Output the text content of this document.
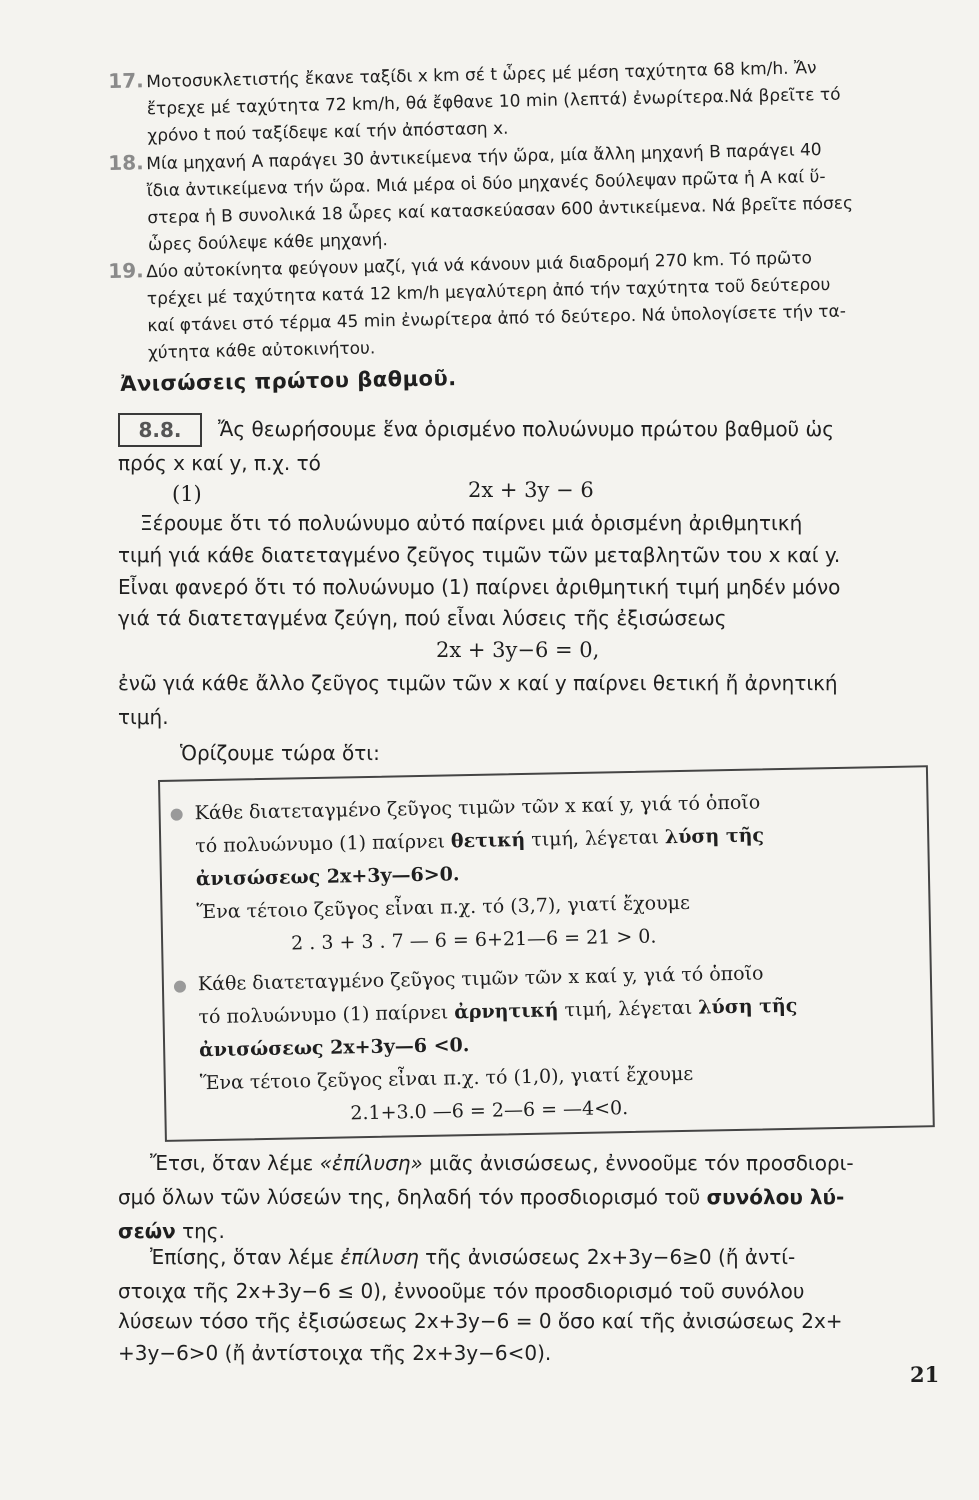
17. Μοτοσυκλετιστής ἔκανε ταξίδι x km σέ t ὧρες μέ μέση ταχύτητα 68 km/h. Ἄν
ἔτρεχε μέ ταχύτητα 72 km/h, θά ἔφθανε 10 min (λεπτά) ἐνωρίτερα.Νά βρεῖτε τό
χρόνο t πού ταξίδεψε καί τήν ἀπόσταση x.
18. Μία μηχανή Α παράγει 30 ἀντικείμενα τήν ὥρα, μία ἄλλη μηχανή Β παράγει 40
ἴδια ἀντικείμενα τήν ὥρα. Μιά μέρα οἱ δύο μηχανές δούλεψαν πρῶτα ἡ Α καί ὕ-
στερα ἡ Β συνολικά 18 ὧρες καί κατασκεύασαν 600 ἀντικείμενα. Νά βρεῖτε πόσες
ὧρες δούλεψε κάθε μηχανή.
19. Δύο αὐτοκίνητα φεύγουν μαζί, γιά νά κάνουν μιά διαδρομή 270 km. Τό πρῶτο
τρέχει μέ ταχύτητα κατά 12 km/h μεγαλύτερη ἀπό τήν ταχύτητα τοῦ δεύτερου
καί φτάνει στό τέρμα 45 min ἐνωρίτερα ἀπό τό δεύτερο. Νά ὑπολογίσετε τήν τα-
χύτητα κάθε αὐτοκινήτου.
Ἀνισώσεις πρώτου βαθμοῦ.
8.8.	Ἄς θεωρήσουμε ἕνα ὁρισμένο πολυώνυμο πρώτου βαθμοῦ ὡς
πρός x καί y, π.χ. τό
(1)	2x + 3y − 6
Ξέρουμε ὅτι τό πολυώνυμο αὐτό παίρνει μιά ὁρισμένη ἀριθμητική
τιμή γιά κάθε διατεταγμένο ζεῦγος τιμῶν τῶν μεταβλητῶν του x καί y.
Εἶναι φανερό ὅτι τό πολυώνυμο (1) παίρνει ἀριθμητική τιμή μηδέν μόνο
γιά τά διατεταγμένα ζεύγη, πού εἶναι λύσεις τῆς ἐξισώσεως
2x + 3y−6 = 0,
ἐνῶ γιά κάθε ἄλλο ζεῦγος τιμῶν τῶν x καί y παίρνει θετική ἤ ἀρνητική
τιμή.
Ὁρίζουμε τώρα ὅτι:
Κάθε διατεταγμένο ζεῦγος τιμῶν τῶν x καί y, γιά τό ὁποῖο
τό πολυώνυμο (1) παίρνει θετική τιμή, λέγεται λύση τῆς
ἀνισώσεως 2x+3y—6>0.
Ἕνα τέτοιο ζεῦγος εἶναι π.χ. τό (3,7), γιατί ἔχουμε
2 . 3 + 3 . 7 — 6 = 6+21—6 = 21 > 0.
Κάθε διατεταγμένο ζεῦγος τιμῶν τῶν x καί y, γιά τό ὁποῖο
τό πολυώνυμο (1) παίρνει ἀρνητική τιμή, λέγεται λύση τῆς
ἀνισώσεως 2x+3y—6 <0.
Ἕνα τέτοιο ζεῦγος εἶναι π.χ. τό (1,0), γιατί ἔχουμε
2.1+3.0 —6 = 2—6 = —4<0.
Ἔτσι, ὅταν λέμε «ἐπίλυση» μιᾶς ἀνισώσεως, ἐννοοῦμε τόν προσδιορι-
σμό ὅλων τῶν λύσεών της, δηλαδή τόν προσδιορισμό τοῦ συνόλου λύ-
σεών της.
Ἐπίσης, ὅταν λέμε ἐπίλυση τῆς ἀνισώσεως 2x+3y−6≥0 (ἤ ἀντί-
στοιχα τῆς 2x+3y−6 ≤ 0), ἐννοοῦμε τόν προσδιορισμό τοῦ συνόλου
λύσεων τόσο τῆς ἐξισώσεως 2x+3y−6 = 0 ὅσο καί τῆς ἀνισώσεως 2x+
+3y−6>0 (ἤ ἀντίστοιχα τῆς 2x+3y−6<0).
21
